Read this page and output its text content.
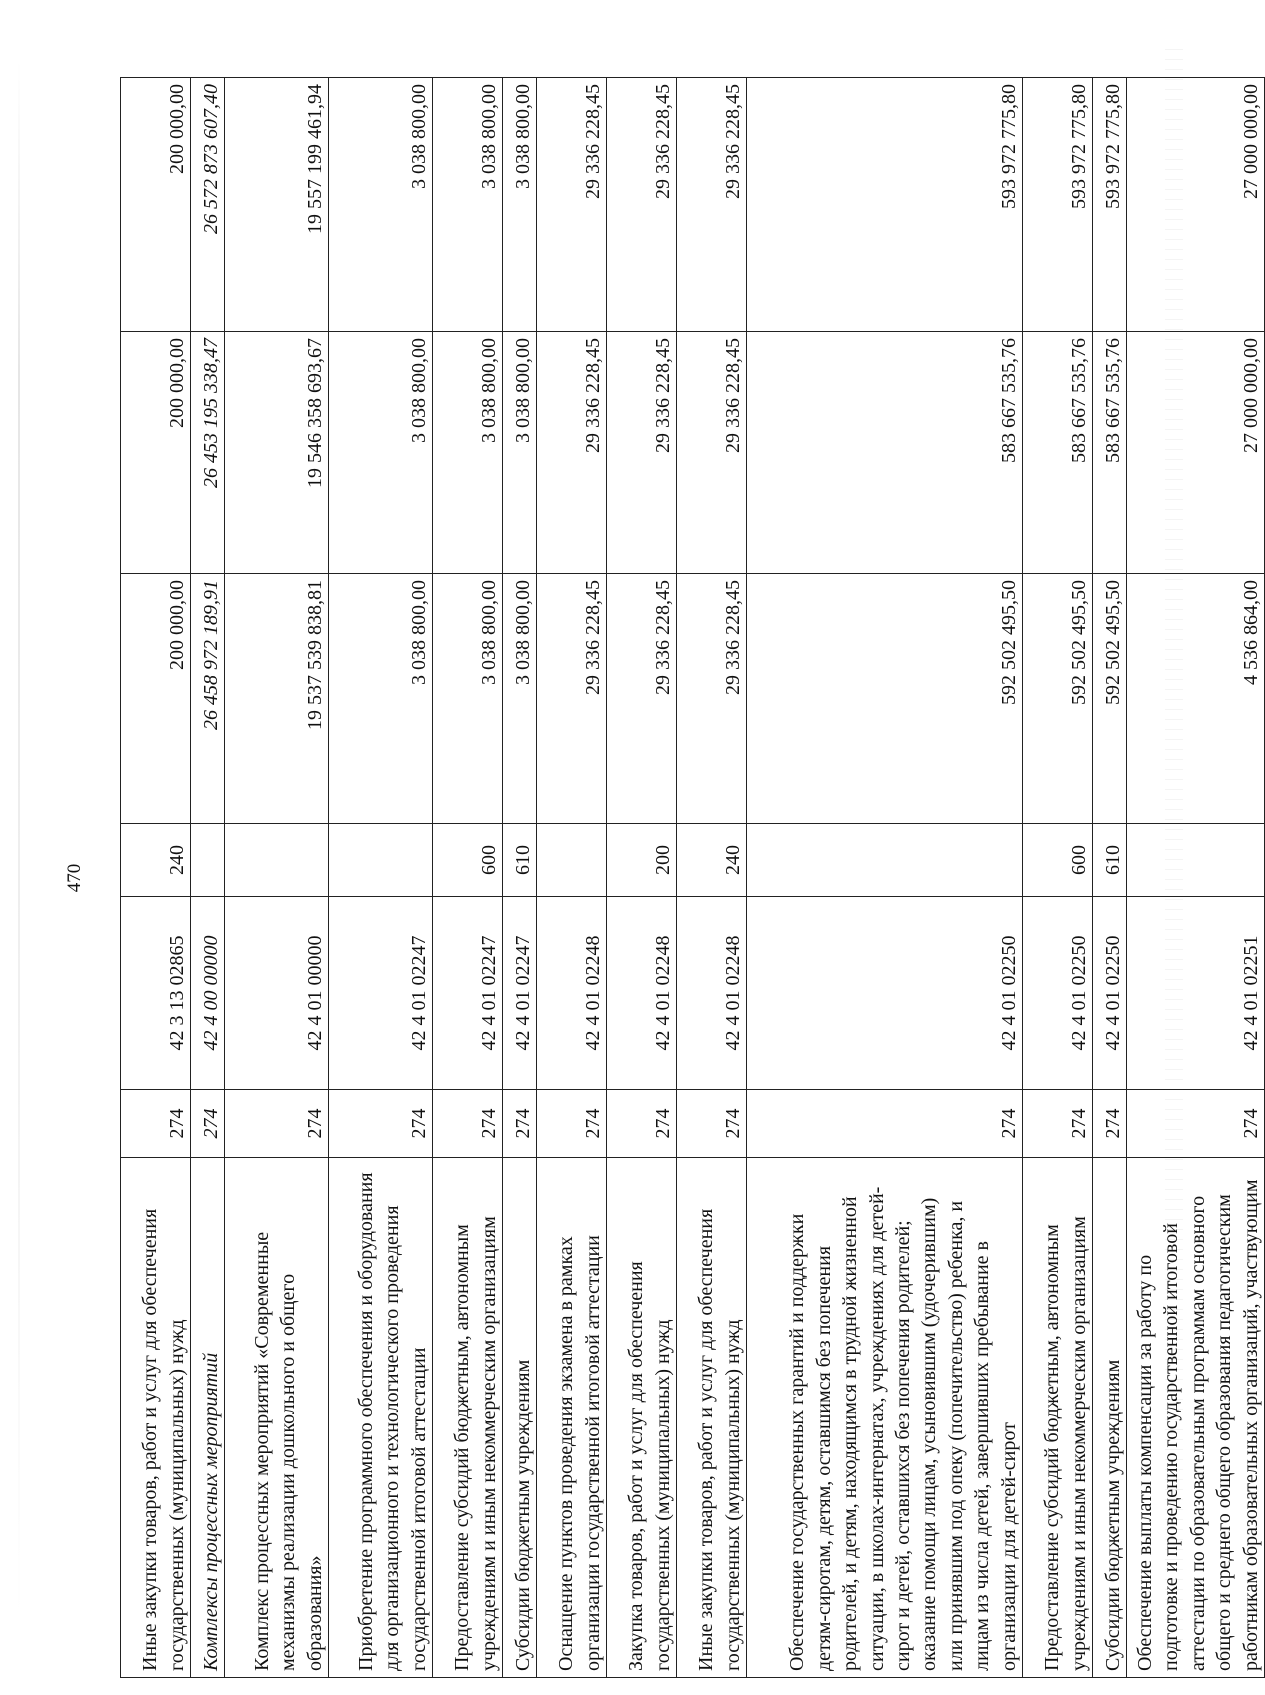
470
Иные закупки товаров, работ и услуг для обеспечения государственных (муниципальных) нужд	274	42 3 13 02865	240	200 000,00	200 000,00	200 000,00
Комплексы процессных мероприятий	274	42 4 00 00000		26 458 972 189,91	26 453 195 338,47	26 572 873 607,40
Комплекс процессных мероприятий «Современные механизмы реализации дошкольного и общего образования»	274	42 4 01 00000		19 537 539 838,81	19 546 358 693,67	19 557 199 461,94
Приобретение программного обеспечения и оборудования для организационного и технологического проведения государственной итоговой аттестации	274	42 4 01 02247		3 038 800,00	3 038 800,00	3 038 800,00
Предоставление субсидий бюджетным, автономным учреждениям и иным некоммерческим организациям	274	42 4 01 02247	600	3 038 800,00	3 038 800,00	3 038 800,00
Субсидии бюджетным учреждениям	274	42 4 01 02247	610	3 038 800,00	3 038 800,00	3 038 800,00
Оснащение пунктов проведения экзамена в рамках организации государственной итоговой аттестации	274	42 4 01 02248		29 336 228,45	29 336 228,45	29 336 228,45
Закупка товаров, работ и услуг для обеспечения государственных (муниципальных) нужд	274	42 4 01 02248	200	29 336 228,45	29 336 228,45	29 336 228,45
Иные закупки товаров, работ и услуг для обеспечения государственных (муниципальных) нужд	274	42 4 01 02248	240	29 336 228,45	29 336 228,45	29 336 228,45
Обеспечение государственных гарантий и поддержки детям-сиротам, детям, оставшимся без попечения родителей, и детям, находящимся в трудной жизненной ситуации, в школах-интернатах, учреждениях для детей-сирот и детей, оставшихся без попечения родителей; оказание помощи лицам, усыновившим (удочерившим) или принявшим под опеку (попечительство) ребенка, и лицам из числа детей, завершивших пребывание в организации для детей-сирот	274	42 4 01 02250		592 502 495,50	583 667 535,76	593 972 775,80
Предоставление субсидий бюджетным, автономным учреждениям и иным некоммерческим организациям	274	42 4 01 02250	600	592 502 495,50	583 667 535,76	593 972 775,80
Субсидии бюджетным учреждениям	274	42 4 01 02250	610	592 502 495,50	583 667 535,76	593 972 775,80
Обеспечение выплаты компенсации за работу по подготовке и проведению государственной итоговой аттестации по образовательным программам основного общего и среднего общего образования педагогическим работникам образовательных организаций, участвующим	274	42 4 01 02251		4 536 864,00	27 000 000,00	27 000 000,00
